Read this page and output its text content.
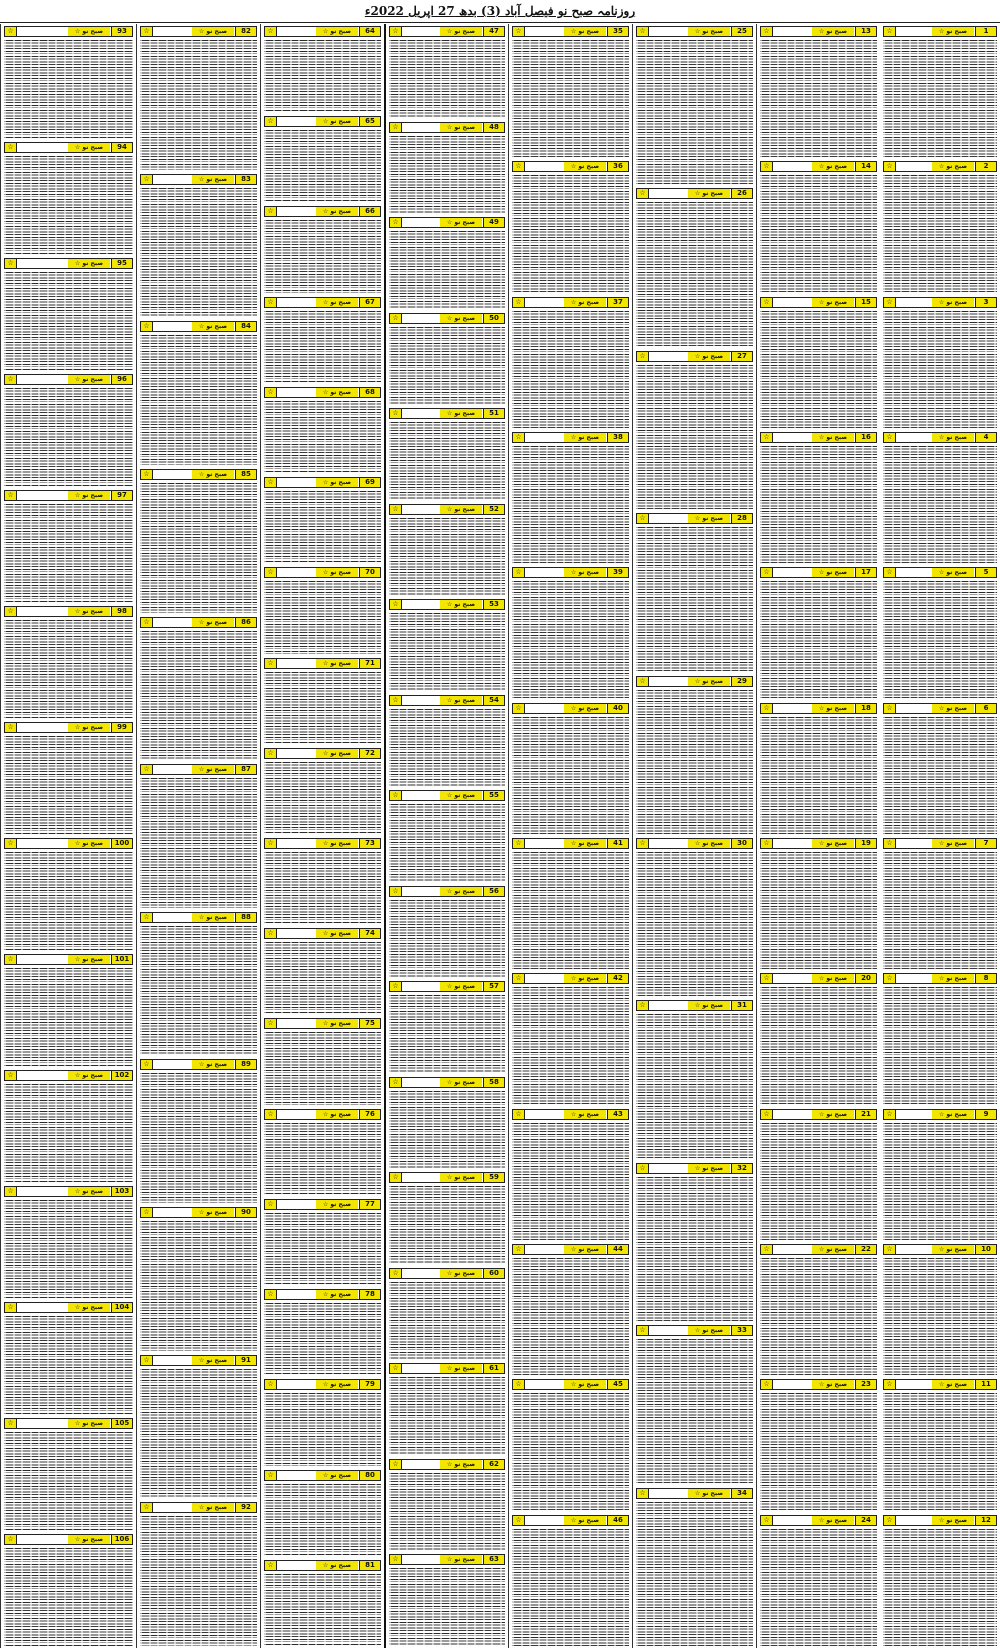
روزنامہ صبح نو فیصل آباد (3) بدھ 27 اپریل 2022ء
☆	صبح نو ☆	1
☆	صبح نو ☆	2
☆	صبح نو ☆	3
☆	صبح نو ☆	4
☆	صبح نو ☆	5
☆	صبح نو ☆	6
☆	صبح نو ☆	7
☆	صبح نو ☆	8
☆	صبح نو ☆	9
☆	صبح نو ☆	10
☆	صبح نو ☆	11
☆	صبح نو ☆	12
☆	صبح نو ☆	13
☆	صبح نو ☆	14
☆	صبح نو ☆	15
☆	صبح نو ☆	16
☆	صبح نو ☆	17
☆	صبح نو ☆	18
☆	صبح نو ☆	19
☆	صبح نو ☆	20
☆	صبح نو ☆	21
☆	صبح نو ☆	22
☆	صبح نو ☆	23
☆	صبح نو ☆	24
☆	صبح نو ☆	25
☆	صبح نو ☆	26
☆	صبح نو ☆	27
☆	صبح نو ☆	28
☆	صبح نو ☆	29
☆	صبح نو ☆	30
☆	صبح نو ☆	31
☆	صبح نو ☆	32
☆	صبح نو ☆	33
☆	صبح نو ☆	34
☆	صبح نو ☆	35
☆	صبح نو ☆	36
☆	صبح نو ☆	37
☆	صبح نو ☆	38
☆	صبح نو ☆	39
☆	صبح نو ☆	40
☆	صبح نو ☆	41
☆	صبح نو ☆	42
☆	صبح نو ☆	43
☆	صبح نو ☆	44
☆	صبح نو ☆	45
☆	صبح نو ☆	46
☆	صبح نو ☆	47
☆	صبح نو ☆	48
☆	صبح نو ☆	49
☆	صبح نو ☆	50
☆	صبح نو ☆	51
☆	صبح نو ☆	52
☆	صبح نو ☆	53
☆	صبح نو ☆	54
☆	صبح نو ☆	55
☆	صبح نو ☆	56
☆	صبح نو ☆	57
☆	صبح نو ☆	58
☆	صبح نو ☆	59
☆	صبح نو ☆	60
☆	صبح نو ☆	61
☆	صبح نو ☆	62
☆	صبح نو ☆	63
☆	صبح نو ☆	64
☆	صبح نو ☆	65
☆	صبح نو ☆	66
☆	صبح نو ☆	67
☆	صبح نو ☆	68
☆	صبح نو ☆	69
☆	صبح نو ☆	70
☆	صبح نو ☆	71
☆	صبح نو ☆	72
☆	صبح نو ☆	73
☆	صبح نو ☆	74
☆	صبح نو ☆	75
☆	صبح نو ☆	76
☆	صبح نو ☆	77
☆	صبح نو ☆	78
☆	صبح نو ☆	79
☆	صبح نو ☆	80
☆	صبح نو ☆	81
☆	صبح نو ☆	82
☆	صبح نو ☆	83
☆	صبح نو ☆	84
☆	صبح نو ☆	85
☆	صبح نو ☆	86
☆	صبح نو ☆	87
☆	صبح نو ☆	88
☆	صبح نو ☆	89
☆	صبح نو ☆	90
☆	صبح نو ☆	91
☆	صبح نو ☆	92
☆	صبح نو ☆	93
☆	صبح نو ☆	94
☆	صبح نو ☆	95
☆	صبح نو ☆	96
☆	صبح نو ☆	97
☆	صبح نو ☆	98
☆	صبح نو ☆	99
☆	صبح نو ☆	100
☆	صبح نو ☆	101
☆	صبح نو ☆	102
☆	صبح نو ☆	103
☆	صبح نو ☆	104
☆	صبح نو ☆	105
☆	صبح نو ☆	106
